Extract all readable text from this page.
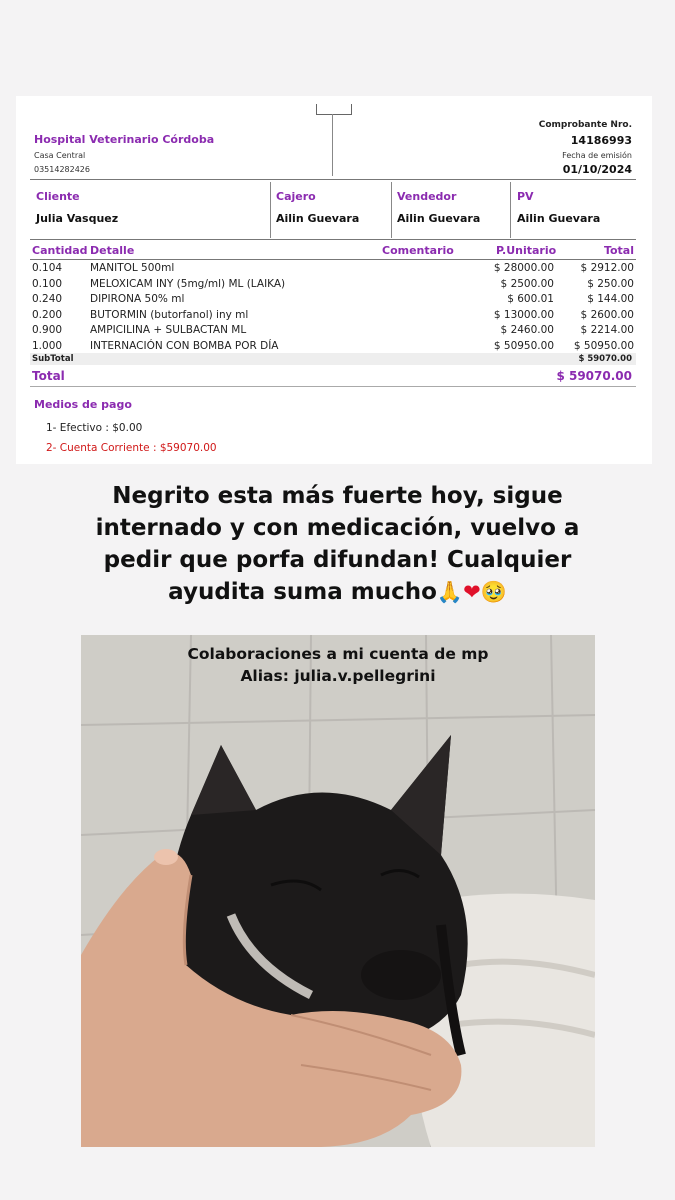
Hospital Veterinario Córdoba
Casa Central
03514282426
Comprobante Nro.
14186993
Fecha de emisión
01/10/2024
Cliente
Julia Vasquez
Cajero
Ailin Guevara
Vendedor
Ailin Guevara
PV
Ailin Guevara
Cantidad Detalle	Comentario	P.Unitario	Total
0.104	MANITOL 500ml	$ 28000.00	$ 2912.00
0.100	MELOXICAM INY (5mg/ml) ML (LAIKA)	$ 2500.00	$ 250.00
0.240	DIPIRONA 50% ml	$ 600.01	$ 144.00
0.200	BUTORMIN (butorfanol) iny ml	$ 13000.00	$ 2600.00
0.900	AMPICILINA + SULBACTAN ML	$ 2460.00	$ 2214.00
1.000	INTERNACIÓN CON BOMBA POR DÍA	$ 50950.00 $ 50950.00
SubTotal	$ 59070.00
Total	$ 59070.00
Medios de pago
1- Efectivo : $0.00
2- Cuenta Corriente : $59070.00
Negrito esta más fuerte hoy, sigue internado y con medicación, vuelvo a pedir que porfa difundan! Cualquier ayudita suma mucho🙏❤🥹
Colaboraciones a mi cuenta de mp
Alias: julia.v.pellegrini
